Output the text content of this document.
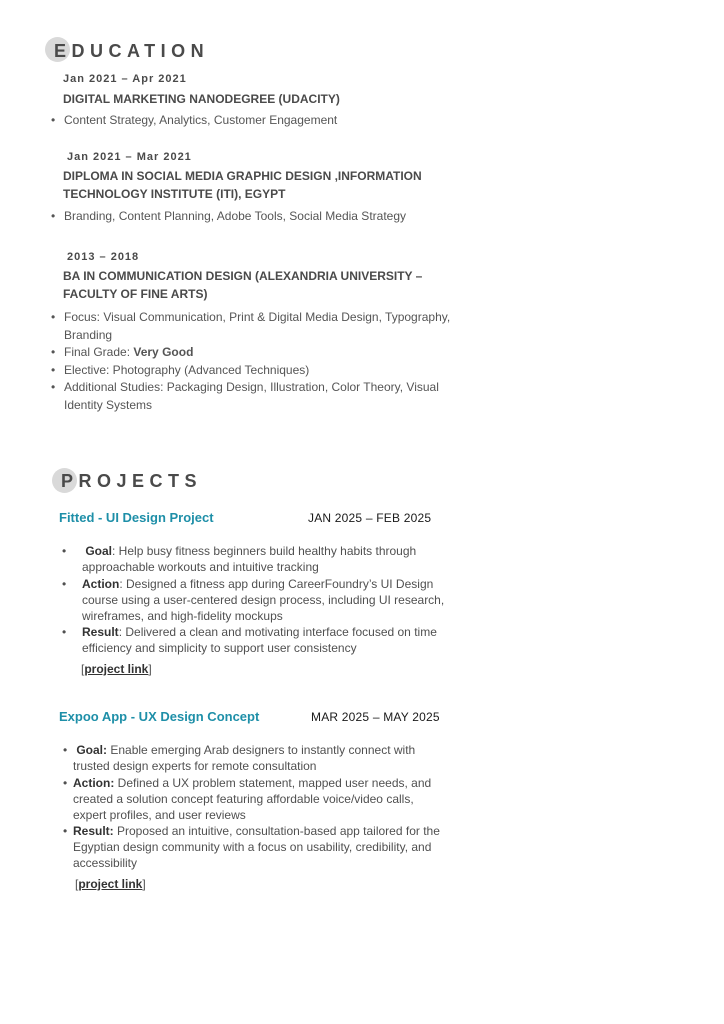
EDUCATION
Jan 2021 – Apr 2021
DIGITAL MARKETING NANODEGREE (UDACITY)
• Content Strategy, Analytics, Customer Engagement
Jan 2021 – Mar 2021
DIPLOMA IN SOCIAL MEDIA GRAPHIC DESIGN ,INFORMATION TECHNOLOGY INSTITUTE (ITI), EGYPT
• Branding, Content Planning, Adobe Tools, Social Media Strategy
2013 – 2018
BA IN COMMUNICATION DESIGN (ALEXANDRIA UNIVERSITY – FACULTY OF FINE ARTS)
• Focus: Visual Communication, Print & Digital Media Design, Typography, Branding
• Final Grade: Very Good
• Elective: Photography (Advanced Techniques)
• Additional Studies: Packaging Design, Illustration, Color Theory, Visual Identity Systems
PROJECTS
Fitted - UI Design Project	JAN 2025 – FEB 2025
• Goal: Help busy fitness beginners build healthy habits through approachable workouts and intuitive tracking
• Action: Designed a fitness app during CareerFoundry’s UI Design course using a user-centered design process, including UI research, wireframes, and high-fidelity mockups
• Result: Delivered a clean and motivating interface focused on time efficiency and simplicity to support user consistency
[project link]
Expoo App - UX Design Concept	MAR 2025 – MAY 2025
• Goal: Enable emerging Arab designers to instantly connect with trusted design experts for remote consultation
• Action: Defined a UX problem statement, mapped user needs, and created a solution concept featuring affordable voice/video calls, expert profiles, and user reviews
• Result: Proposed an intuitive, consultation-based app tailored for the Egyptian design community with a focus on usability, credibility, and accessibility
[project link]
